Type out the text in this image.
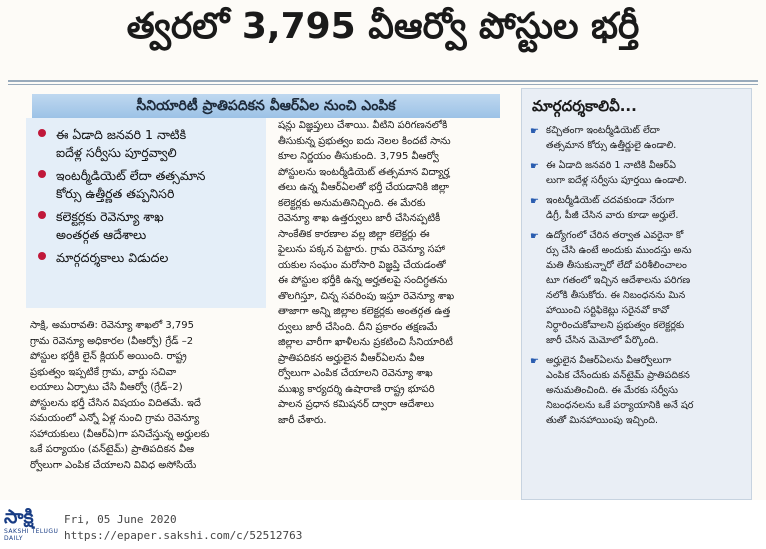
త్వరలో 3,795 వీఆర్వో పోస్టుల భర్తీ
సీనియారిటీ ప్రాతిపదికన వీఆర్ఏల నుంచి ఎంపిక
ఈ ఏడాది జనవరి 1 నాటికి
ఐదేళ్ల సర్వీసు పూర్తవ్వాలి
ఇంటర్మీడియెట్ లేదా తత్సమాన
కోర్సు ఉత్తీర్ణత తప్పనిసరి
కలెక్టర్లకు రెవెన్యూ శాఖ
అంతర్గత ఆదేశాలు
మార్గదర్శకాలు విడుదల
సాక్షి, అమరావతి: రెవెన్యూ శాఖలో 3,795
గ్రామ రెవెన్యూ అధికారల (వీఆర్వో) గ్రేడ్ –2
పోస్టుల భర్తీకి లైన్ క్లియర్ అయింది. రాష్ట్ర
ప్రభుత్వం ఇప్పటికే గ్రామ, వార్డు సచివా
లయాలు ఏర్పాటు చేసి వీఆర్వో (గ్రేడ్–2)
పోస్టులను భర్తీ చేసిన విషయం విదితమే. ఇదే
సమయంలో ఎన్నో ఏళ్ల నుంచి గ్రామ రెవెన్యూ
సహాయకులు (వీఆర్ఏ)గా పనిచేస్తున్న అర్హులకు
ఒకే పర్యాయం (వన్‌టైమ్) ప్రాతిపదికన వీఆ
ర్వోలుగా ఎంపిక చేయాలని వివిధ అసోసియే
షన్లు విజ్ఞప్తులు చేశాయి. వీటిని పరిగణనలోకి
తీసుకున్న ప్రభుత్వం ఐదు నెలల కిందటే సాను
కూల నిర్ణయం తీసుకుంది. 3,795 వీఆర్వో
పోస్టులను ఇంటర్మీడియెట్ తత్సమాన విద్యార్హ
తలు ఉన్న వీఆర్ఏలతో భర్తీ చేయడానికి జిల్లా
కలెక్టర్లకు అనుమతినిచ్చింది. ఈ మేరకు
రెవెన్యూ శాఖ ఉత్తర్వులు జారీ చేసినప్పటికీ
సాంకేతిక కారణాల వల్ల జిల్లా కలెక్టర్లు ఈ
ఫైలును పక్కన పెట్టారు. గ్రామ రెవెన్యూ సహా
యకుల సంఘం మరోసారి విజ్ఞప్తి చేయడంతో
ఈ పోస్టుల భర్తీకి ఉన్న అర్హతలపై సందిగ్ధతను
తొలగిస్తూ, చిన్న సవరింపు ఇస్తూ రెవెన్యూ శాఖ
తాజాగా అన్ని జిల్లాల కలెక్టర్లకు అంతర్గత ఉత్త
ర్వులు జారీ చేసింది. దీని ప్రకారం తక్షణమే
జిల్లాల వారీగా ఖాళీలను ప్రకటించి సీనియారిటీ
ప్రాతిపదికన అర్హులైన వీఆర్ఏలను వీఆ
ర్వోలుగా ఎంపిక చేయాలని రెవెన్యూ శాఖ
ముఖ్య కార్యదర్శి ఉషారాణి రాష్ట్ర భూపరి
పాలన ప్రధాన కమిషనర్ ద్వారా ఆదేశాలు
జారీ చేశారు.
మార్గదర్శకాలివీ...
☛ కచ్చితంగా ఇంటర్మీడియెట్ లేదా
తత్సమాన కోర్సు ఉత్తీర్ణులై ఉండాలి.
☛ ఈ ఏడాది జనవరి 1 నాటికి వీఆర్ఏ
లుగా ఐదేళ్ల సర్వీసు పూర్తయి ఉండాలి.
☛ ఇంటర్మీడియెట్ చదవకుండా నేరుగా
డిగ్రీ, పీజీ చేసిన వారు కూడా అర్హులే.
☛ ఉద్యోగంలో చేరిన తర్వాత ఎవరైనా కో
ర్సు చేసి ఉంటే అందుకు ముందస్తు అను
మతి తీసుకున్నారో లేదో పరిశీలించాలం
టూ గతంలో ఇచ్చిన ఆదేశాలను పరిగణ
నలోకి తీసుకోరు. ఈ నిబంధనను మిన
హాయించి సర్టిఫికెట్లు సరైనవో కావో
నిర్ధారించుకోవాలని ప్రభుత్వం కలెక్టర్లకు
జారీ చేసిన మెమోలో పేర్కొంది.
☛ అర్హులైన వీఆర్ఏలను వీఆర్వోలుగా
ఎంపిక చేసేందుకు వన్‌టైమ్ ప్రాతిపదికన
అనుమతించింది. ఈ మేరకు సర్వీసు
నిబంధనలను ఒకే పర్యాయానికి అనే షర
తుతో మినహాయింపు ఇచ్చింది.
సాక్షి
SAKSHI TELUGU DAILY
Fri, 05 June 2020
https://epaper.sakshi.com/c/52512763
